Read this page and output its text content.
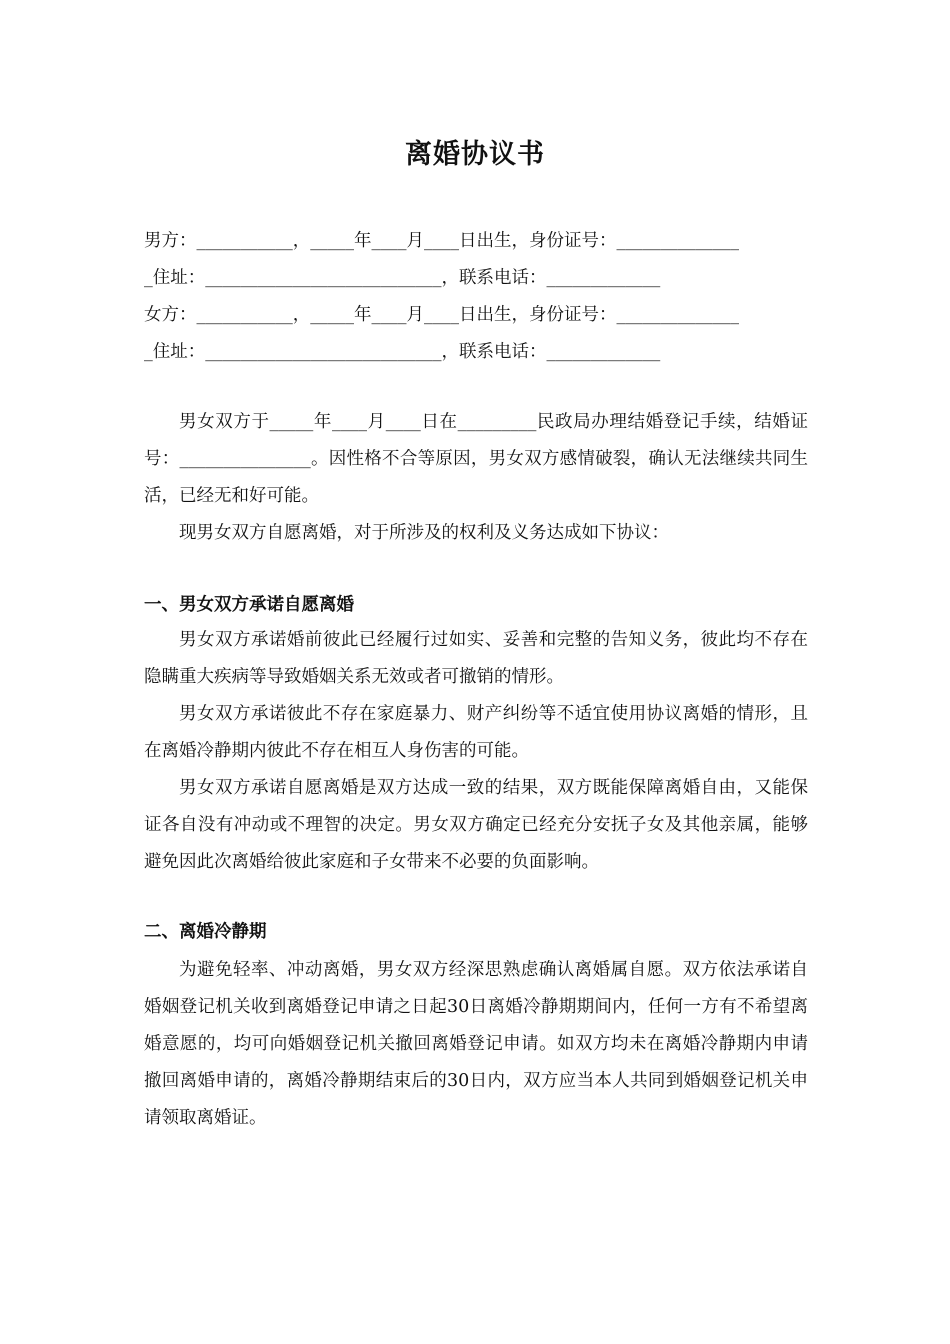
离婚协议书
男方：___________，_____年____月____日出生，身份证号：______________
_住址：___________________________，联系电话：_____________
女方：___________，_____年____月____日出生，身份证号：______________
_住址：___________________________，联系电话：_____________

男女双方于_____年____月____日在_________民政局办理结婚登记手续，结婚证号：_______________。因性格不合等原因，男女双方感情破裂，确认无法继续共同生活，已经无和好可能。

现男女双方自愿离婚，对于所涉及的权利及义务达成如下协议：

一、男女双方承诺自愿离婚

男女双方承诺婚前彼此已经履行过如实、妥善和完整的告知义务，彼此均不存在隐瞒重大疾病等导致婚姻关系无效或者可撤销的情形。

男女双方承诺彼此不存在家庭暴力、财产纠纷等不适宜使用协议离婚的情形，且在离婚冷静期内彼此不存在相互人身伤害的可能。

男女双方承诺自愿离婚是双方达成一致的结果，双方既能保障离婚自由，又能保证各自没有冲动或不理智的决定。男女双方确定已经充分安抚子女及其他亲属，能够避免因此次离婚给彼此家庭和子女带来不必要的负面影响。

二、离婚冷静期

为避免轻率、冲动离婚，男女双方经深思熟虑确认离婚属自愿。双方依法承诺自婚姻登记机关收到离婚登记申请之日起30日离婚冷静期期间内，任何一方有不希望离婚意愿的，均可向婚姻登记机关撤回离婚登记申请。如双方均未在离婚冷静期内申请撤回离婚申请的，离婚冷静期结束后的30日内，双方应当本人共同到婚姻登记机关申请领取离婚证。
